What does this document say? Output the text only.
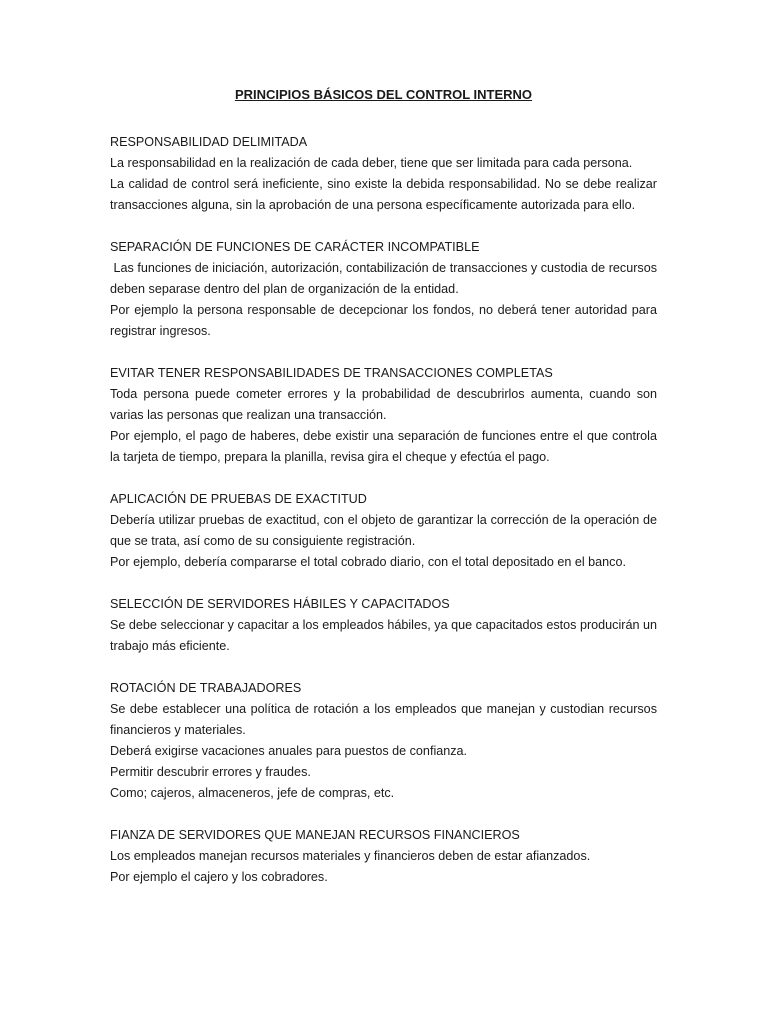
PRINCIPIOS BÁSICOS DEL CONTROL INTERNO
RESPONSABILIDAD DELIMITADA

La responsabilidad en la realización de cada deber, tiene que ser limitada para cada persona.

La calidad de control será ineficiente, sino existe la debida responsabilidad. No se debe realizar transacciones alguna, sin la aprobación de una persona específicamente autorizada para ello.

SEPARACIÓN DE FUNCIONES DE CARÁCTER INCOMPATIBLE

Las funciones de iniciación, autorización, contabilización de transacciones y custodia de recursos deben separase dentro del plan de organización de la entidad.

Por ejemplo la persona responsable de decepcionar los fondos, no deberá tener autoridad para registrar ingresos.

EVITAR TENER RESPONSABILIDADES DE TRANSACCIONES COMPLETAS

Toda persona puede cometer errores y la probabilidad de descubrirlos aumenta, cuando son varias las personas que realizan una transacción.

Por ejemplo, el pago de haberes, debe existir una separación de funciones entre el que controla la tarjeta de tiempo, prepara la planilla, revisa gira el cheque y efectúa el pago.

APLICACIÓN DE PRUEBAS DE EXACTITUD

Debería utilizar pruebas de exactitud, con el objeto de garantizar la corrección de la operación de que se trata, así como de su consiguiente registración.

Por ejemplo, debería compararse el total cobrado diario, con el total depositado en el banco.

SELECCIÓN DE SERVIDORES HÁBILES Y CAPACITADOS

Se debe seleccionar y capacitar a los empleados hábiles, ya que capacitados estos producirán un trabajo más eficiente.

ROTACIÓN DE TRABAJADORES

Se debe establecer una política de rotación a los empleados que manejan y custodian recursos financieros y materiales.

Deberá exigirse vacaciones anuales para puestos de confianza.

Permitir descubrir errores y fraudes.

Como; cajeros, almaceneros, jefe de compras, etc.

FIANZA DE SERVIDORES QUE MANEJAN RECURSOS FINANCIEROS

Los empleados manejan recursos materiales y financieros deben de estar afianzados.

Por ejemplo el cajero y los cobradores.
